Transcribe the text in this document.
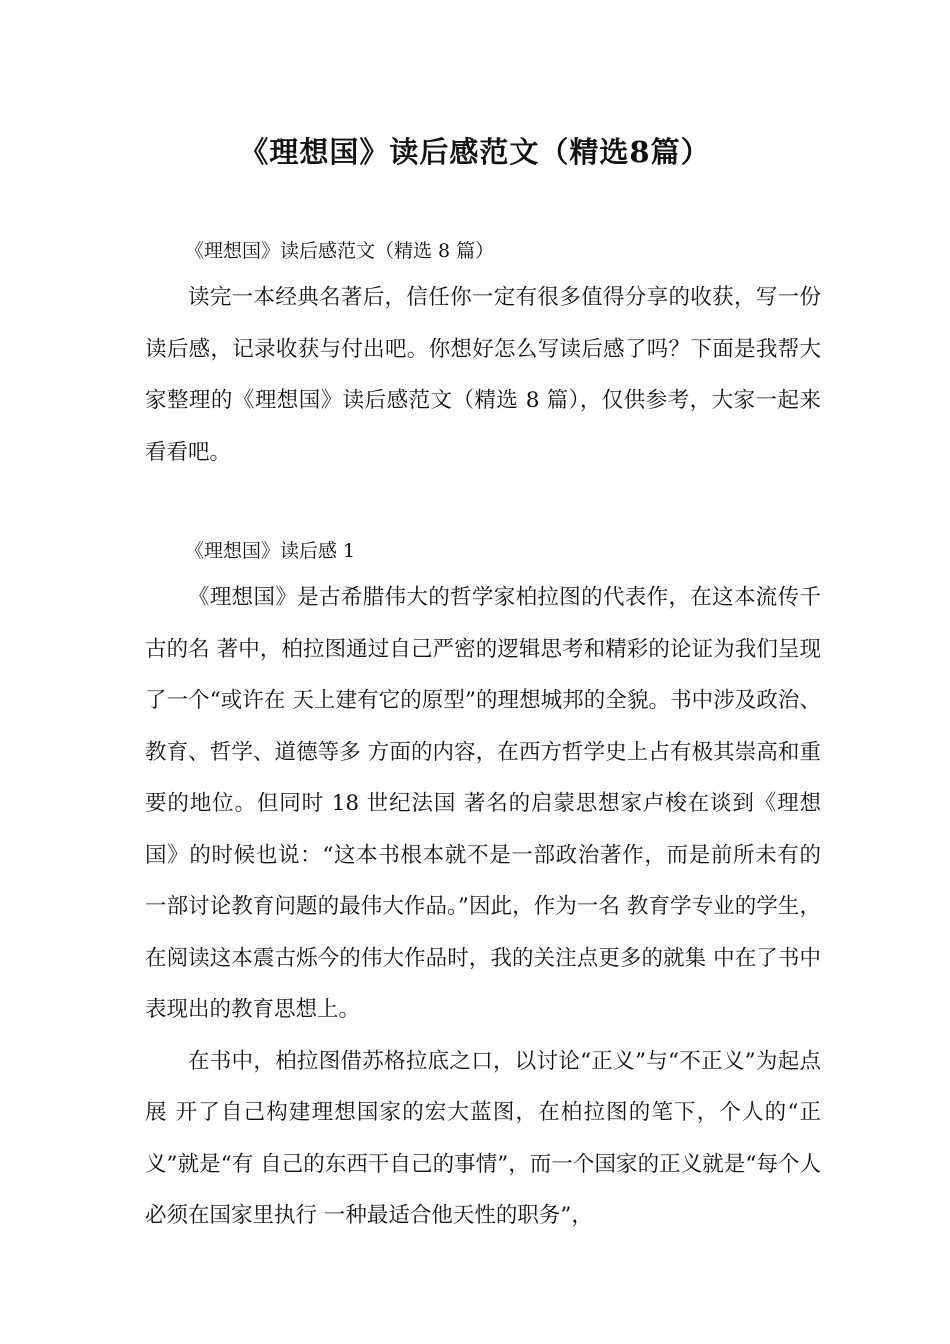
《理想国》读后感范文（精选8篇）

《理想国》读后感范文（精选 8 篇）

读完一本经典名著后，信任你一定有很多值得分享的收获，写一份读后感，记录收获与付出吧。你想好怎么写读后感了吗？下面是我帮大家整理的《理想国》读后感范文（精选 8 篇），仅供参考，大家一起来看看吧。

《理想国》读后感 1

《理想国》是古希腊伟大的哲学家柏拉图的代表作，在这本流传千古的名 著中，柏拉图通过自己严密的逻辑思考和精彩的论证为我们呈现了一个“或许在 天上建有它的原型”的理想城邦的全貌。书中涉及政治、教育、哲学、道德等多 方面的内容，在西方哲学史上占有极其崇高和重要的地位。但同时 18 世纪法国 著名的启蒙思想家卢梭在谈到《理想国》的时候也说：“这本书根本就不是一部政治著作，而是前所未有的一部讨论教育问题的最伟大作品。”因此，作为一名 教育学专业的学生，在阅读这本震古烁今的伟大作品时，我的关注点更多的就集 中在了书中表现出的教育思想上。

在书中，柏拉图借苏格拉底之口，以讨论“正义”与“不正义”为起点展 开了自己构建理想国家的宏大蓝图，在柏拉图的笔下，个人的“正义”就是“有 自己的东西干自己的事情”，而一个国家的正义就是“每个人必须在国家里执行 一种最适合他天性的职务”，
